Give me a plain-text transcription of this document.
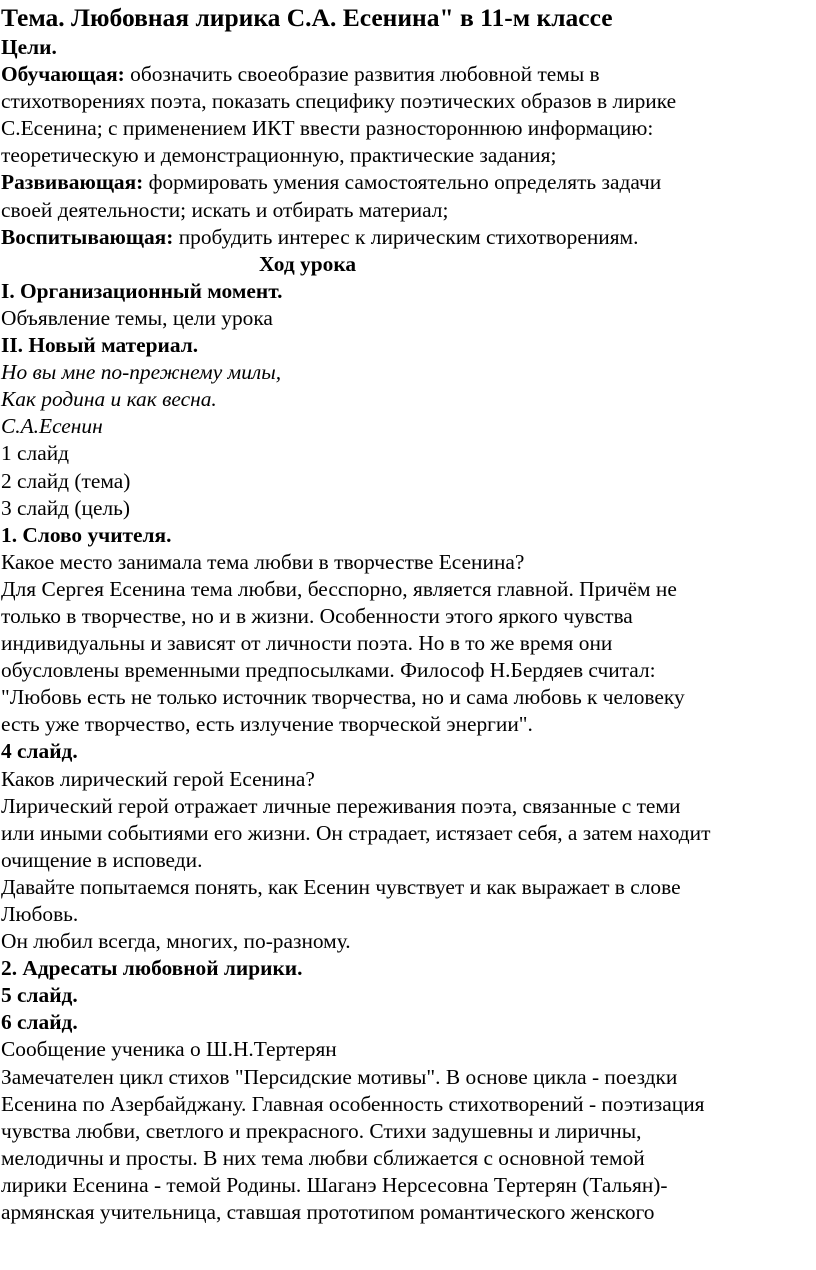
Тема. Любовная лирика С.А. Есенина" в 11-м классе

Цели.

Обучающая: обозначить своеобразие развития любовной темы в

стихотворениях поэта, показать специфику поэтических образов в лирике

С.Есенина; с применением ИКТ ввести разностороннюю информацию:

теоретическую и демонстрационную, практические задания;

Развивающая: формировать умения самостоятельно определять задачи

своей деятельности; искать и отбирать материал;

Воспитывающая: пробудить интерес к лирическим стихотворениям.

Ход урока

I. Организационный момент.

Объявление темы, цели урока

II. Новый материал.

Но вы мне по-прежнему милы,

Как родина и как весна.

С.А.Есенин

1 слайд

2 слайд (тема)

3 слайд (цель)

1. Слово учителя.

Какое место занимала тема любви в творчестве Есенина?

Для Сергея Есенина тема любви, бесспорно, является главной. Причём не

только в творчестве, но и в жизни. Особенности этого яркого чувства

индивидуальны и зависят от личности поэта. Но в то же время они

обусловлены временными предпосылками. Философ Н.Бердяев считал:

"Любовь есть не только источник творчества, но и сама любовь к человеку

есть уже творчество, есть излучение творческой энергии".

4 слайд.

Каков лирический герой Есенина?

Лирический герой отражает личные переживания поэта, связанные с теми

или иными событиями его жизни. Он страдает, истязает себя, а затем находит

очищение в исповеди.

Давайте попытаемся понять, как Есенин чувствует и как выражает в слове

Любовь.

Он любил всегда, многих, по-разному.

2. Адресаты любовной лирики.

5 слайд.

6 слайд.

Сообщение ученика о Ш.Н.Тертерян

Замечателен цикл стихов "Персидские мотивы". В основе цикла - поездки

Есенина по Азербайджану. Главная особенность стихотворений - поэтизация

чувства любви, светлого и прекрасного. Стихи задушевны и лиричны,

мелодичны и просты. В них тема любви сближается с основной темой

лирики Есенина - темой Родины. Шаганэ Нерсесовна Тертерян (Тальян)-

армянская учительница, ставшая прототипом романтического женского
